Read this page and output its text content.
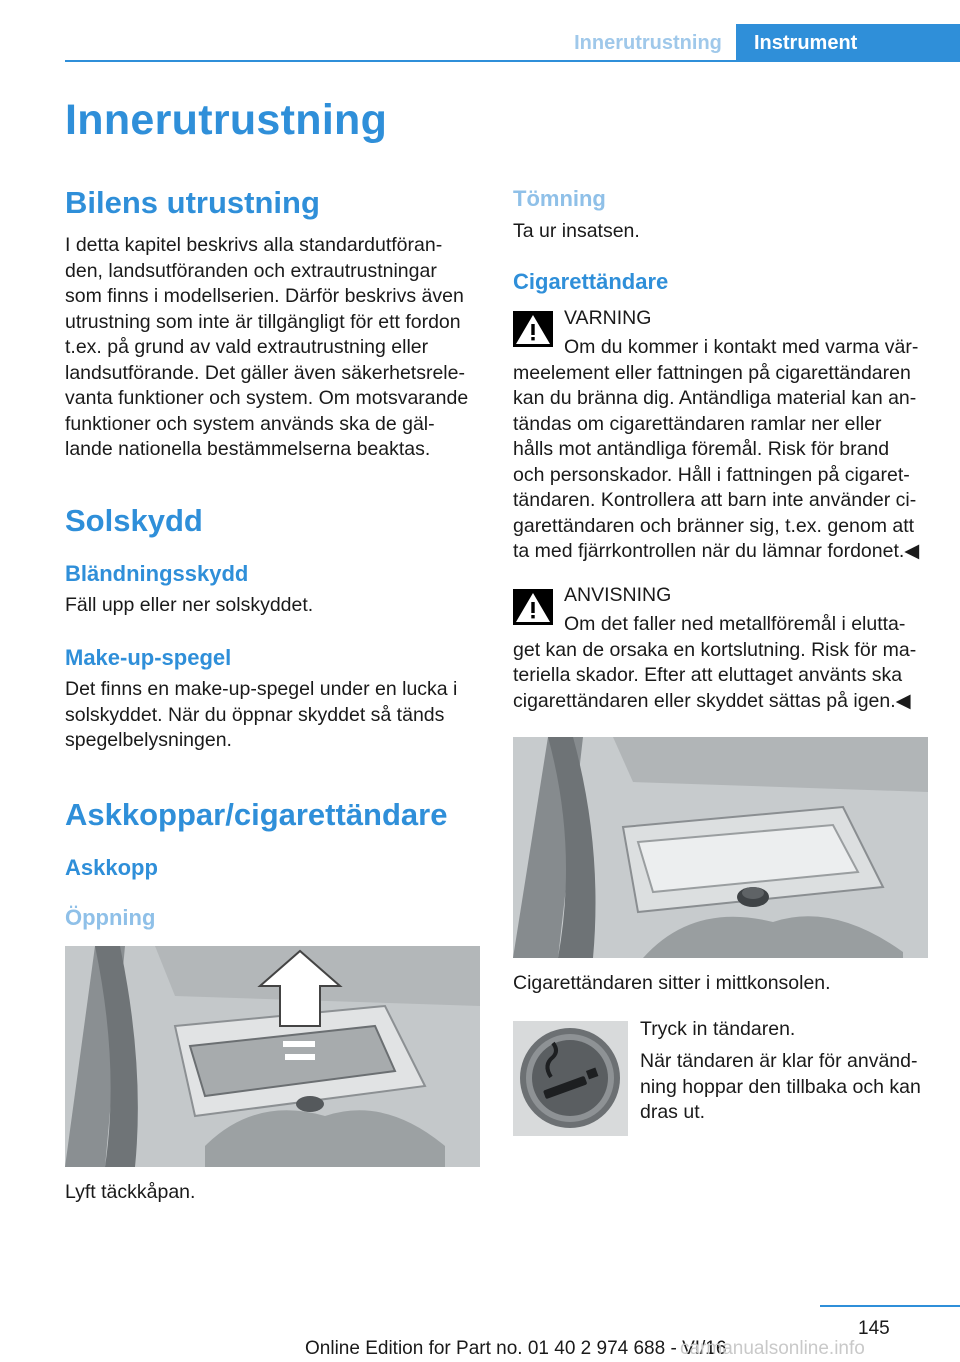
Innerutrustning	Instrument
Innerutrustning
Bilens utrustning
I detta kapitel beskrivs alla standardutföran‐
den, landsutföranden och extrautrustningar
som finns i modellserien. Därför beskrivs även
utrustning som inte är tillgängligt för ett fordon
t.ex. på grund av vald extrautrustning eller
landsutförande. Det gäller även säkerhetsrele‐
vanta funktioner och system. Om motsvarande
funktioner och system används ska de gäl‐
lande nationella bestämmelserna beaktas.
Solskydd
Bländningsskydd
Fäll upp eller ner solskyddet.
Make-up-spegel
Det finns en make-up-spegel under en lucka i
solskyddet. När du öppnar skyddet så tänds
spegelbelysningen.
Askkoppar/cigarettändare
Askkopp
Öppning
Lyft täckkåpan.
Tömning
Ta ur insatsen.
Cigarettändare
VARNING
Om du kommer i kontakt med varma vär‐
meelement eller fattningen på cigarettändaren
kan du bränna dig. Antändliga material kan an‐
tändas om cigarettändaren ramlar ner eller
hålls mot antändliga föremål. Risk för brand
och personskador. Håll i fattningen på cigaret‐
tändaren. Kontrollera att barn inte använder ci‐
garettändaren och bränner sig, t.ex. genom att
ta med fjärrkontrollen när du lämnar fordonet.◀
ANVISNING
Om det faller ned metallföremål i elutta‐
get kan de orsaka en kortslutning. Risk för ma‐
teriella skador. Efter att eluttaget använts ska
cigarettändaren eller skyddet sättas på igen.◀
Cigarettändaren sitter i mittkonsolen.
Tryck in tändaren.
När tändaren är klar för använd‐
ning hoppar den tillbaka och kan
dras ut.
145
Online Edition for Part no. 01 40 2 974 688 - VI/16
carmanualsonline.info
